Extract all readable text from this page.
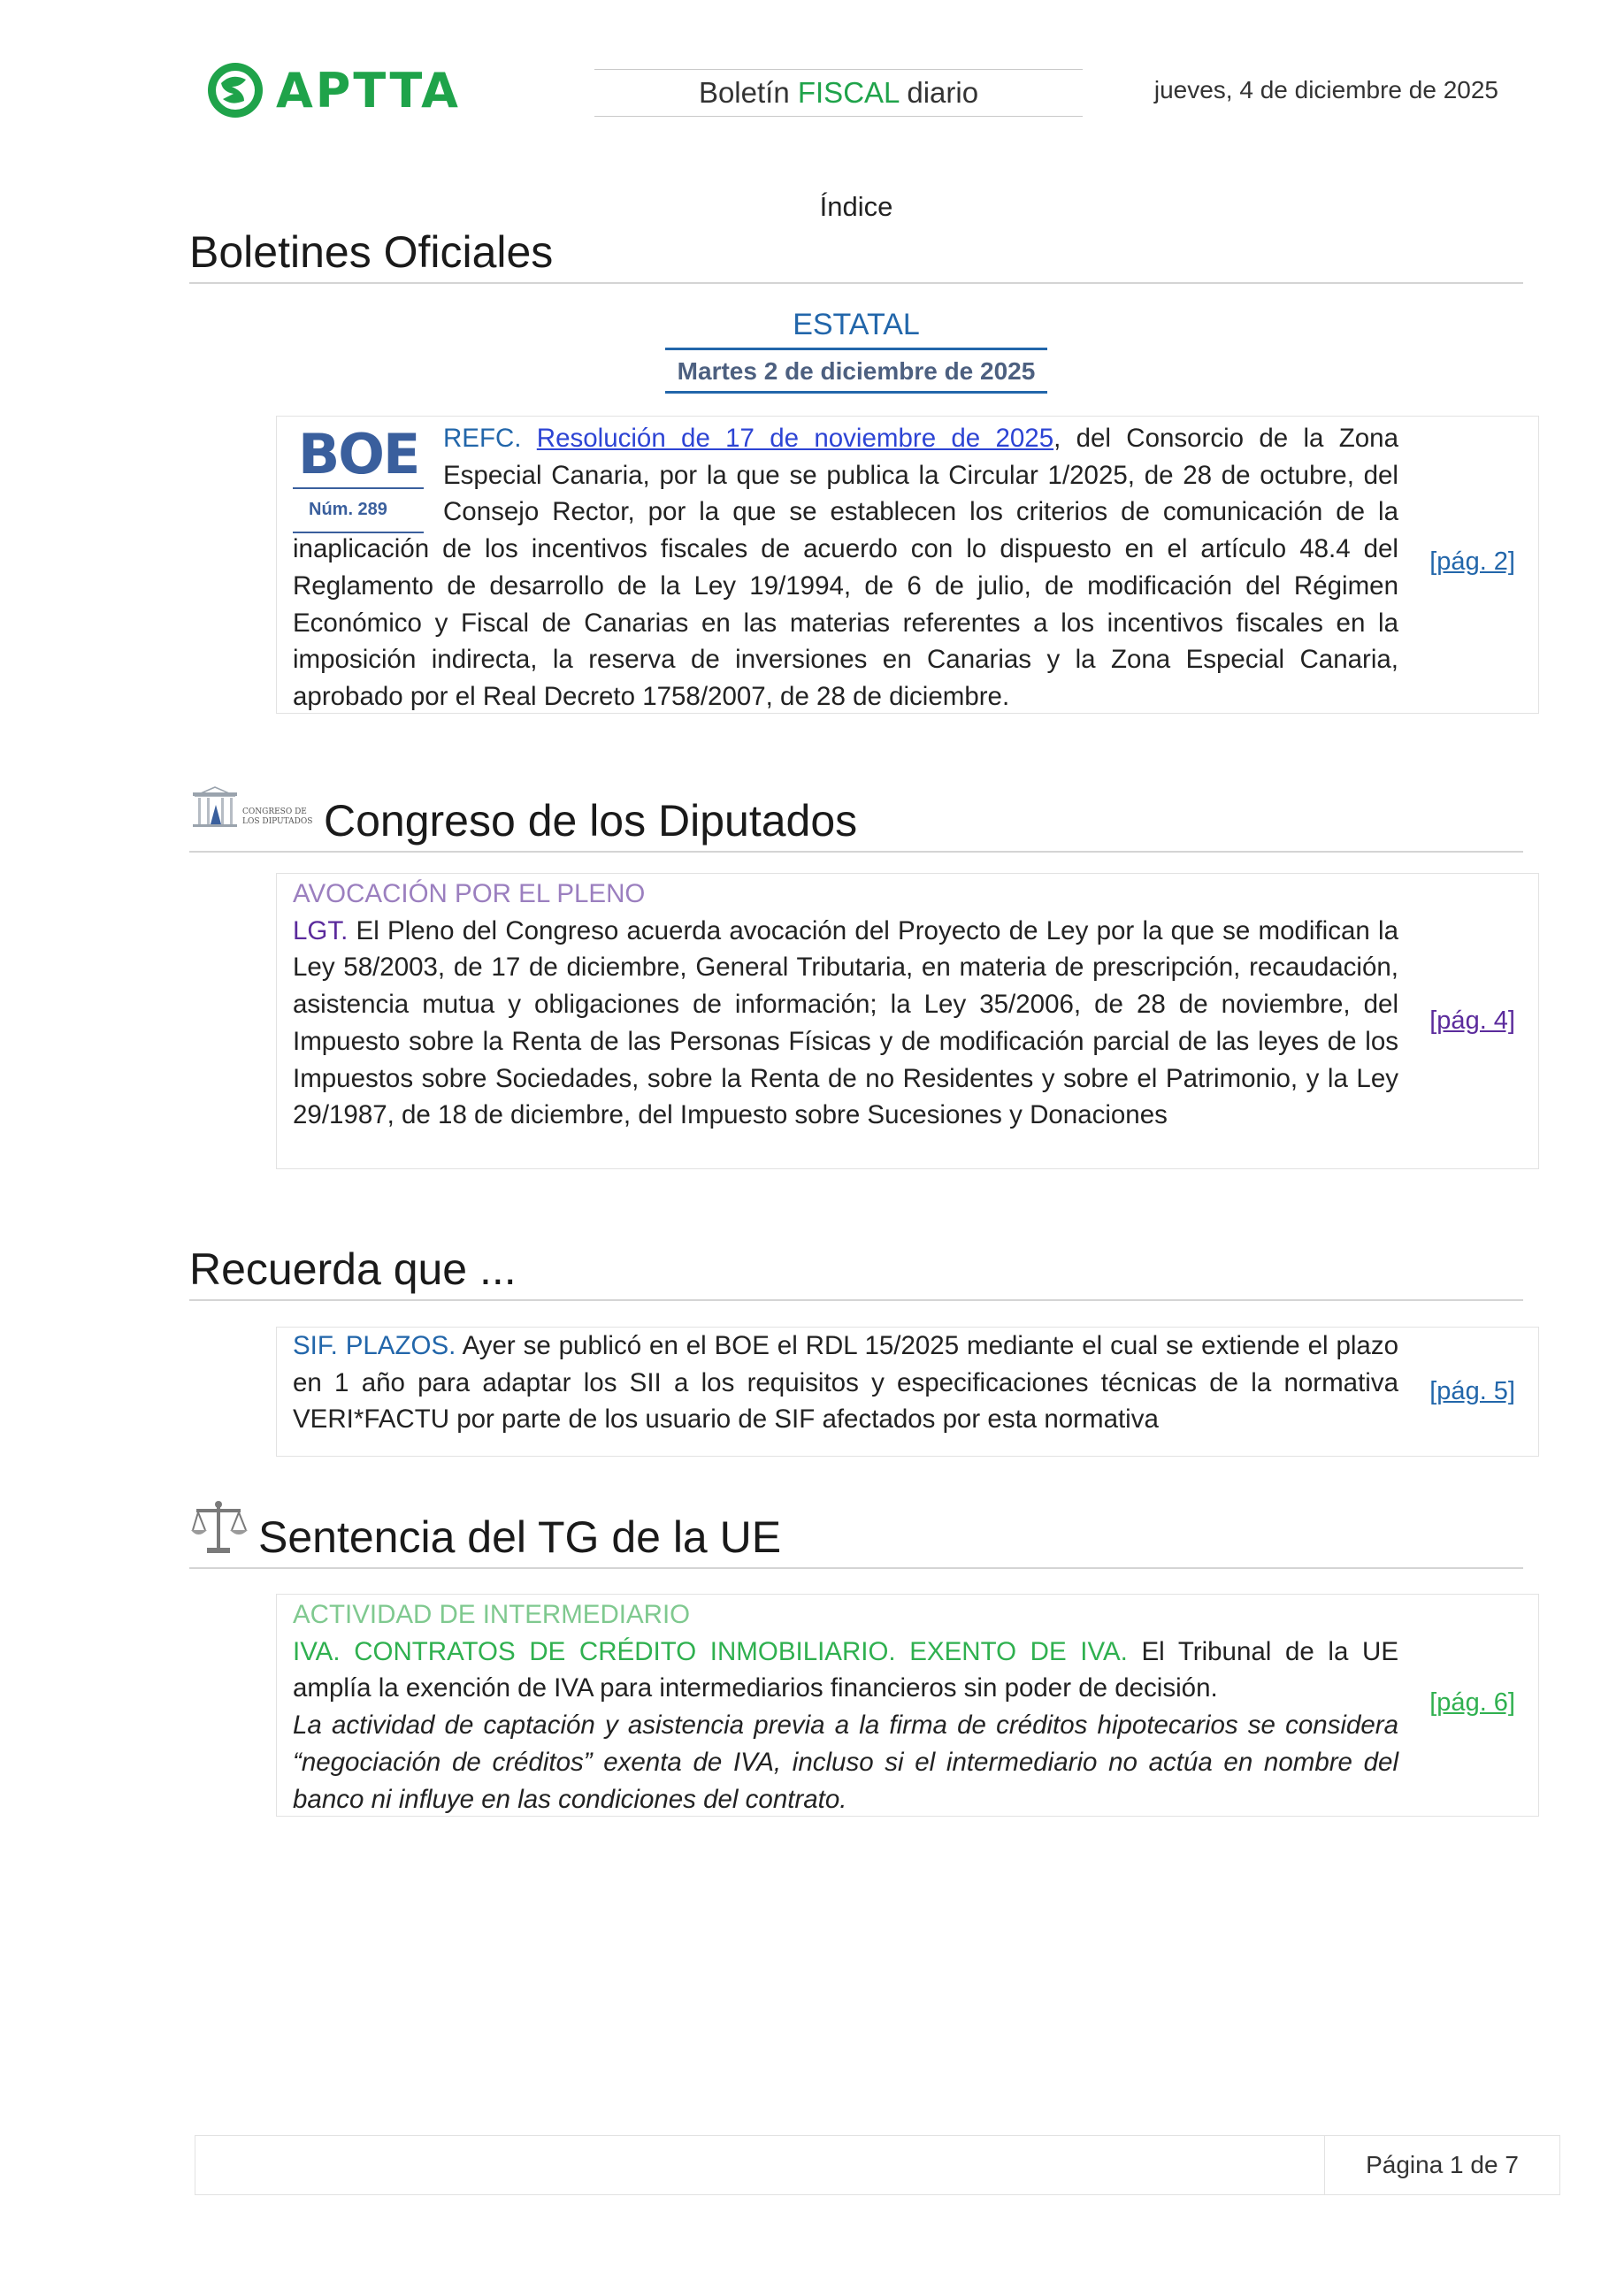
APTTA	Boletín FISCAL diario	jueves, 4 de diciembre de 2025
Índice
Boletines Oficiales
ESTATAL
Martes 2 de diciembre de 2025
BOE
Núm. 289
REFC. Resolución de 17 de noviembre de 2025, del Consorcio de la Zona Especial Canaria, por la que se publica la Circular 1/2025, de 28 de octubre, del Consejo Rector, por la que se establecen los criterios de comunicación de la inaplicación de los incentivos fiscales de acuerdo con lo dispuesto en el artículo 48.4 del Reglamento de desarrollo de la Ley 19/1994, de 6 de julio, de modificación del Régimen Económico y Fiscal de Canarias en las materias referentes a los incentivos fiscales en la imposición indirecta, la reserva de inversiones en Canarias y la Zona Especial Canaria, aprobado por el Real Decreto 1758/2007, de 28 de diciembre.
[pág. 2]
CONGRESO DE
LOS DIPUTADOS Congreso de los Diputados
AVOCACIÓN POR EL PLENO
LGT. El Pleno del Congreso acuerda avocación del Proyecto de Ley por la que se modifican la Ley 58/2003, de 17 de diciembre, General Tributaria, en materia de prescripción, recaudación, asistencia mutua y obligaciones de información; la Ley 35/2006, de 28 de noviembre, del Impuesto sobre la Renta de las Personas Físicas y de modificación parcial de las leyes de los Impuestos sobre Sociedades, sobre la Renta de no Residentes y sobre el Patrimonio, y la Ley 29/1987, de 18 de diciembre, del Impuesto sobre Sucesiones y Donaciones
[pág. 4]
Recuerda que ...
SIF. PLAZOS. Ayer se publicó en el BOE el RDL 15/2025 mediante el cual se extiende el plazo en 1 año para adaptar los SII a los requisitos y especificaciones técnicas de la normativa VERI*FACTU por parte de los usuario de SIF afectados por esta normativa
[pág. 5]
Sentencia del TG de la UE
ACTIVIDAD DE INTERMEDIARIO
IVA. CONTRATOS DE CRÉDITO INMOBILIARIO. EXENTO DE IVA. El Tribunal de la UE amplía la exención de IVA para intermediarios financieros sin poder de decisión.
La actividad de captación y asistencia previa a la firma de créditos hipotecarios se considera “negociación de créditos” exenta de IVA, incluso si el intermediario no actúa en nombre del banco ni influye en las condiciones del contrato.
[pág. 6]
Página 1 de 7
